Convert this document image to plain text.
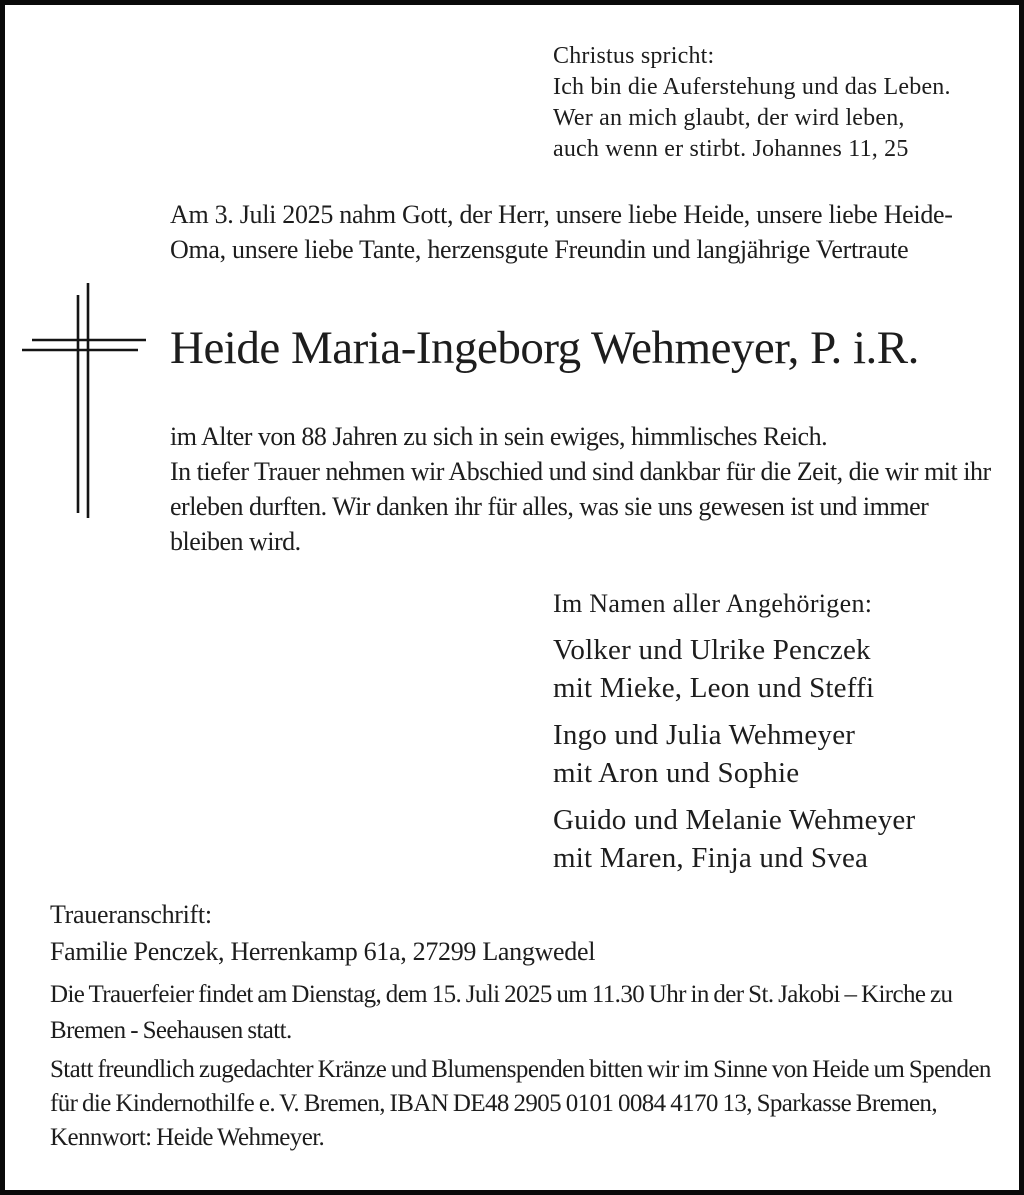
Christus spricht:
Ich bin die Auferstehung und das Leben.
Wer an mich glaubt, der wird leben,
auch wenn er stirbt. Johannes 11, 25
Am 3. Juli 2025 nahm Gott, der Herr, unsere liebe Heide, unsere liebe Heide-Oma, unsere liebe Tante, herzensgute Freundin und langjährige Vertraute
Heide Maria-Ingeborg Wehmeyer, P. i.R.
im Alter von 88 Jahren zu sich in sein ewiges, himmlisches Reich.
In tiefer Trauer nehmen wir Abschied und sind dankbar für die Zeit, die wir mit ihr erleben durften. Wir danken ihr für alles, was sie uns gewesen ist und immer bleiben wird.
Im Namen aller Angehörigen:
Volker und Ulrike Penczek
mit Mieke, Leon und Steffi
Ingo und Julia Wehmeyer
mit Aron und Sophie
Guido und Melanie Wehmeyer
mit Maren, Finja und Svea
Traueranschrift:
Familie Penczek, Herrenkamp 61a, 27299 Langwedel

Die Trauerfeier findet am Dienstag, dem 15. Juli 2025 um 11.30 Uhr in der St. Jakobi – Kirche zu Bremen - Seehausen statt.

Statt freundlich zugedachter Kränze und Blumenspenden bitten wir im Sinne von Heide um Spenden für die Kindernothilfe e. V. Bremen, IBAN DE48 2905 0101 0084 4170 13, Sparkasse Bremen, Kennwort: Heide Wehmeyer.
